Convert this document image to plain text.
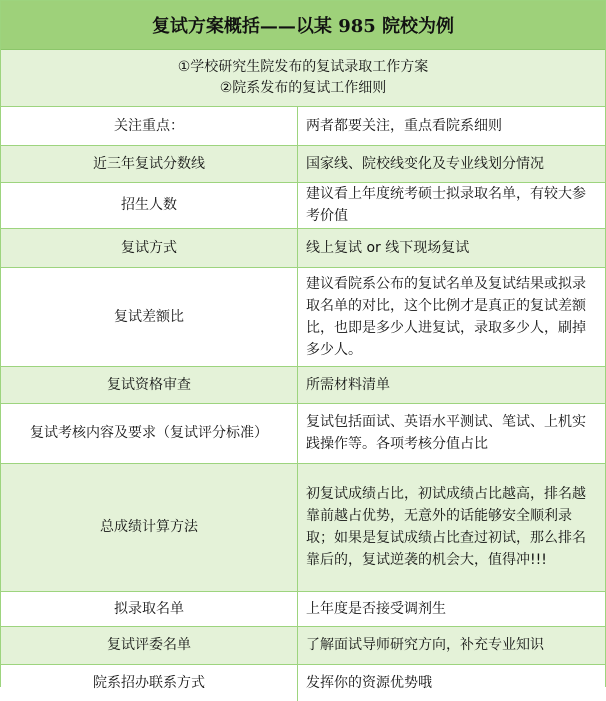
复试方案概括——以某 985 院校为例
①学校研究生院发布的复试录取工作方案
②院系发布的复试工作细则
关注重点：	两者都要关注，重点看院系细则
近三年复试分数线	国家线、院校线变化及专业线划分情况
招生人数	建议看上年度统考硕士拟录取名单，有较大参考价值
复试方式	线上复试 or 线下现场复试
复试差额比	建议看院系公布的复试名单及复试结果或拟录取名单的对比，这个比例才是真正的复试差额比，也即是多少人进复试，录取多少人，刷掉多少人。
复试资格审查	所需材料清单
复试考核内容及要求（复试评分标准）	复试包括面试、英语水平测试、笔试、上机实践操作等。各项考核分值占比
总成绩计算方法	初复试成绩占比，初试成绩占比越高，排名越靠前越占优势，无意外的话能够安全顺利录取；如果是复试成绩占比查过初试，那么排名靠后的，复试逆袭的机会大，值得冲!!!
拟录取名单	上年度是否接受调剂生
复试评委名单	了解面试导师研究方向，补充专业知识
院系招办联系方式	发挥你的资源优势哦
